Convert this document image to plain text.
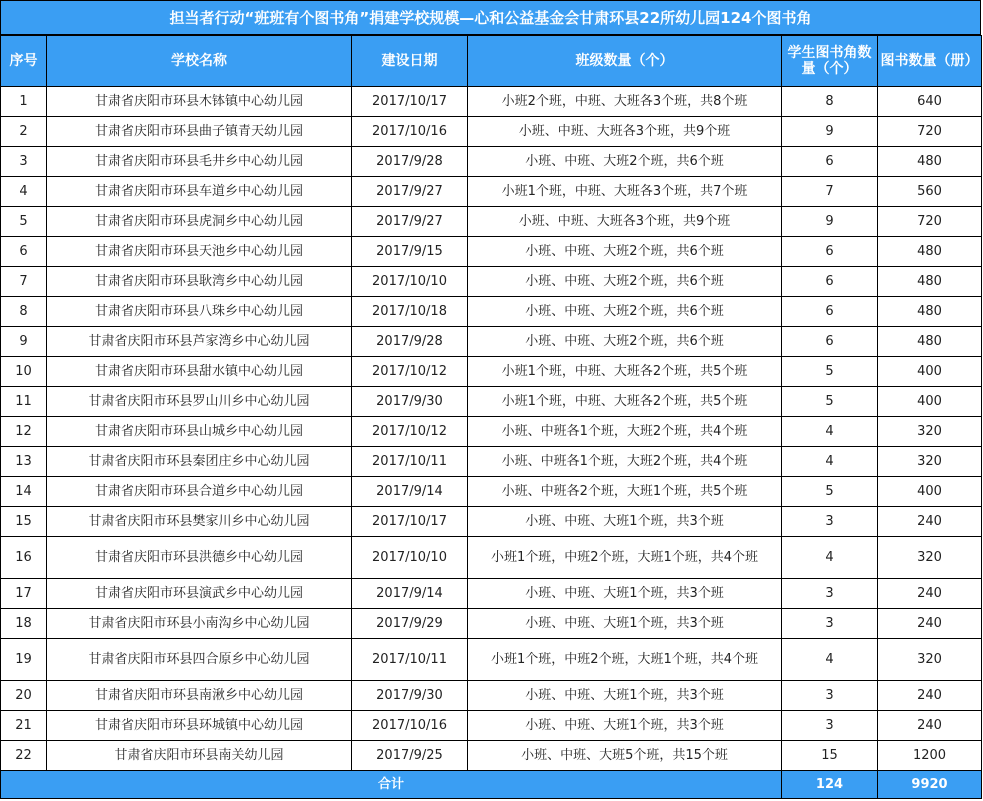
担当者行动“班班有个图书角”捐建学校规模—心和公益基金会甘肃环县22所幼儿园124个图书角
序号	学校名称	建设日期	班级数量（个）	学生图书角数量（个）	图书数量（册）
1	甘肃省庆阳市环县木钵镇中心幼儿园	2017/10/17	小班2个班，中班、大班各3个班，共8个班	8	640
2	甘肃省庆阳市环县曲子镇青天幼儿园	2017/10/16	小班、中班、大班各3个班，共9个班	9	720
3	甘肃省庆阳市环县毛井乡中心幼儿园	2017/9/28	小班、中班、大班2个班，共6个班	6	480
4	甘肃省庆阳市环县车道乡中心幼儿园	2017/9/27	小班1个班，中班、大班各3个班，共7个班	7	560
5	甘肃省庆阳市环县虎洞乡中心幼儿园	2017/9/27	小班、中班、大班各3个班，共9个班	9	720
6	甘肃省庆阳市环县天池乡中心幼儿园	2017/9/15	小班、中班、大班2个班，共6个班	6	480
7	甘肃省庆阳市环县耿湾乡中心幼儿园	2017/10/10	小班、中班、大班2个班，共6个班	6	480
8	甘肃省庆阳市环县八珠乡中心幼儿园	2017/10/18	小班、中班、大班2个班，共6个班	6	480
9	甘肃省庆阳市环县芦家湾乡中心幼儿园	2017/9/28	小班、中班、大班2个班，共6个班	6	480
10	甘肃省庆阳市环县甜水镇中心幼儿园	2017/10/12	小班1个班，中班、大班各2个班，共5个班	5	400
11	甘肃省庆阳市环县罗山川乡中心幼儿园	2017/9/30	小班1个班，中班、大班各2个班，共5个班	5	400
12	甘肃省庆阳市环县山城乡中心幼儿园	2017/10/12	小班、中班各1个班，大班2个班，共4个班	4	320
13	甘肃省庆阳市环县秦团庄乡中心幼儿园	2017/10/11	小班、中班各1个班，大班2个班，共4个班	4	320
14	甘肃省庆阳市环县合道乡中心幼儿园	2017/9/14	小班、中班各2个班，大班1个班，共5个班	5	400
15	甘肃省庆阳市环县樊家川乡中心幼儿园	2017/10/17	小班、中班、大班1个班，共3个班	3	240
16	甘肃省庆阳市环县洪德乡中心幼儿园	2017/10/10	小班1个班，中班2个班，大班1个班，共4个班	4	320
17	甘肃省庆阳市环县演武乡中心幼儿园	2017/9/14	小班、中班、大班1个班，共3个班	3	240
18	甘肃省庆阳市环县小南沟乡中心幼儿园	2017/9/29	小班、中班、大班1个班，共3个班	3	240
19	甘肃省庆阳市环县四合原乡中心幼儿园	2017/10/11	小班1个班，中班2个班，大班1个班，共4个班	4	320
20	甘肃省庆阳市环县南湫乡中心幼儿园	2017/9/30	小班、中班、大班1个班，共3个班	3	240
21	甘肃省庆阳市环县环城镇中心幼儿园	2017/10/16	小班、中班、大班1个班，共3个班	3	240
22	甘肃省庆阳市环县南关幼儿园	2017/9/25	小班、中班、大班5个班，共15个班	15	1200
合计				124	9920
